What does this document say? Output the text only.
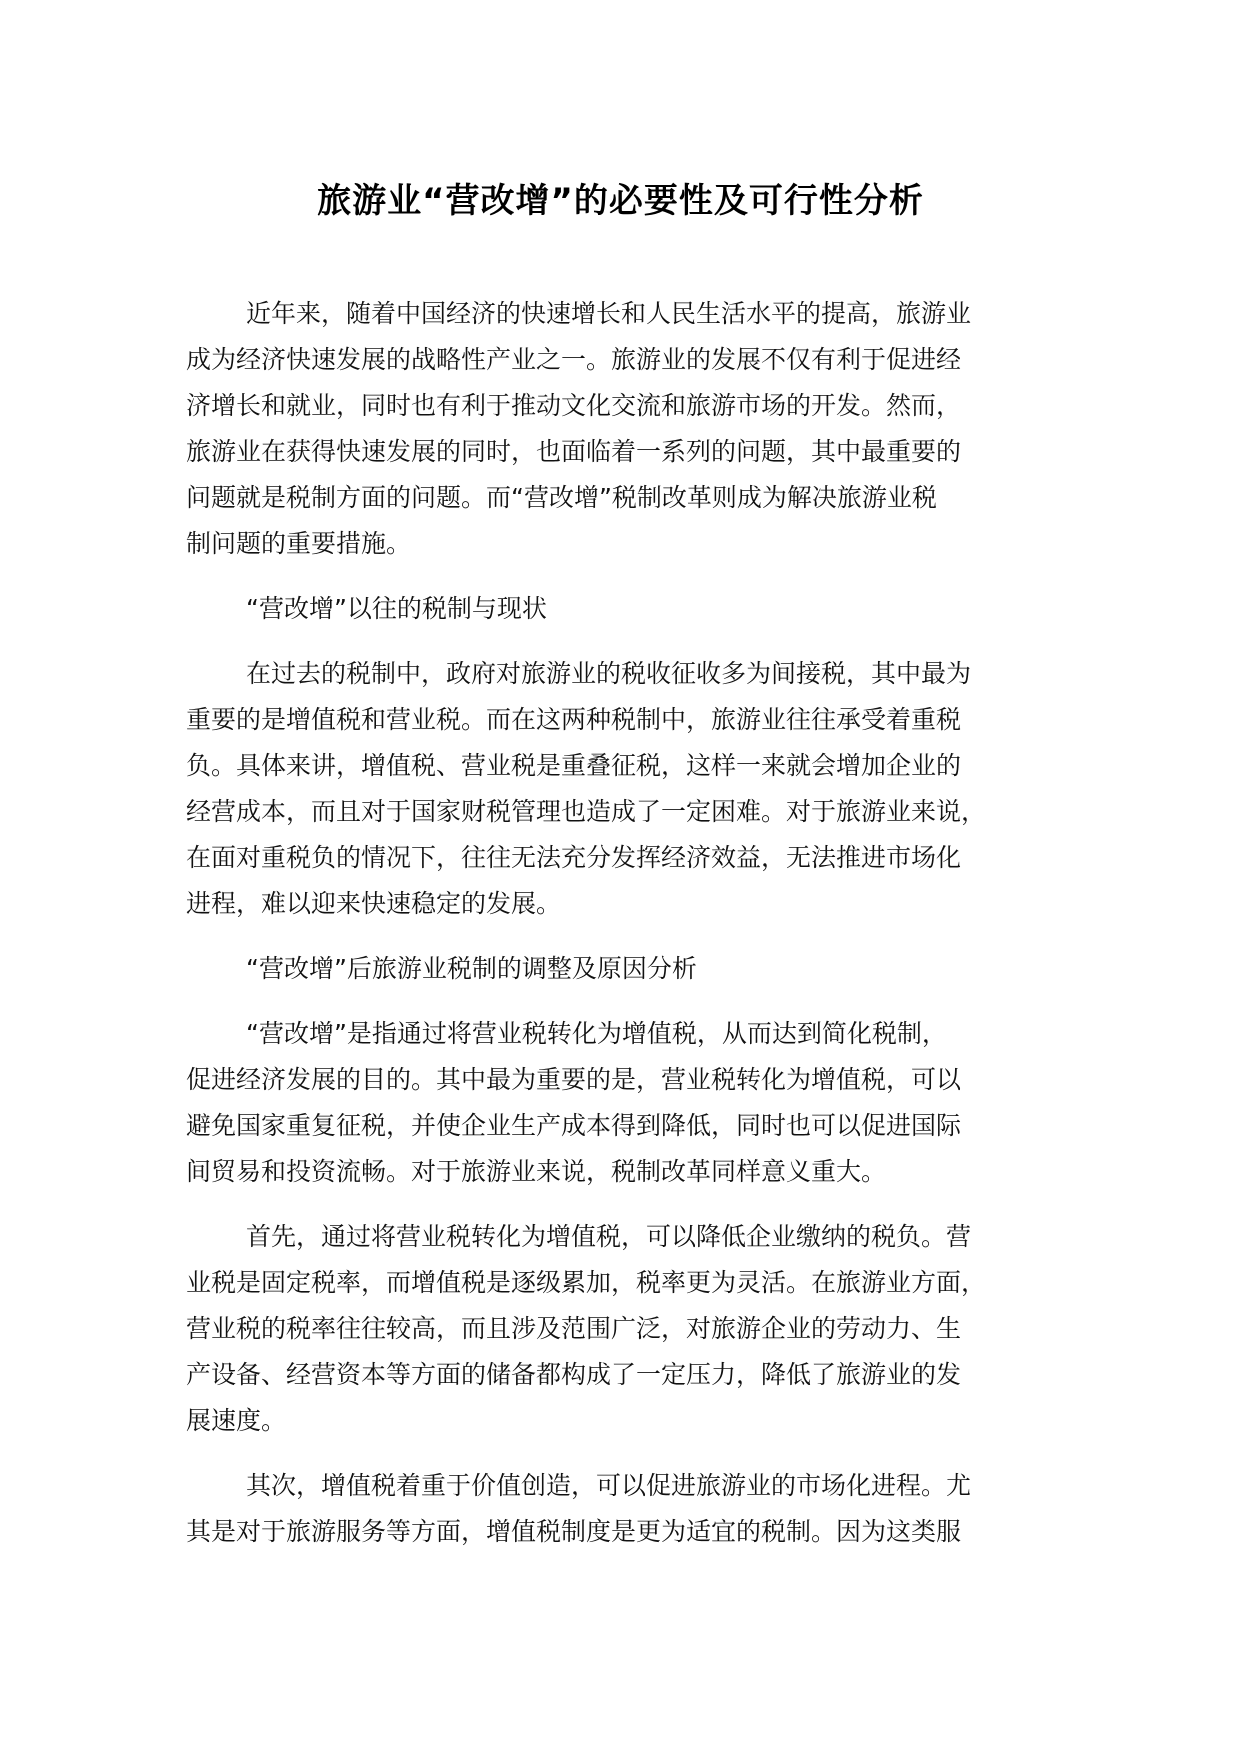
旅游业“营改增”的必要性及可行性分析
近年来，随着中国经济的快速增长和人民生活水平的提高，旅游业
成为经济快速发展的战略性产业之一。旅游业的发展不仅有利于促进经
济增长和就业，同时也有利于推动文化交流和旅游市场的开发。然而，
旅游业在获得快速发展的同时，也面临着一系列的问题，其中最重要的
问题就是税制方面的问题。而“营改增”税制改革则成为解决旅游业税
制问题的重要措施。
“营改增”以往的税制与现状
在过去的税制中，政府对旅游业的税收征收多为间接税，其中最为
重要的是增值税和营业税。而在这两种税制中，旅游业往往承受着重税
负。具体来讲，增值税、营业税是重叠征税，这样一来就会增加企业的
经营成本，而且对于国家财税管理也造成了一定困难。对于旅游业来说，
在面对重税负的情况下，往往无法充分发挥经济效益，无法推进市场化
进程，难以迎来快速稳定的发展。
“营改增”后旅游业税制的调整及原因分析
“营改增”是指通过将营业税转化为增值税，从而达到简化税制，
促进经济发展的目的。其中最为重要的是，营业税转化为增值税，可以
避免国家重复征税，并使企业生产成本得到降低，同时也可以促进国际
间贸易和投资流畅。对于旅游业来说，税制改革同样意义重大。
首先，通过将营业税转化为增值税，可以降低企业缴纳的税负。营
业税是固定税率，而增值税是逐级累加，税率更为灵活。在旅游业方面，
营业税的税率往往较高，而且涉及范围广泛，对旅游企业的劳动力、生
产设备、经营资本等方面的储备都构成了一定压力，降低了旅游业的发
展速度。
其次，增值税着重于价值创造，可以促进旅游业的市场化进程。尤
其是对于旅游服务等方面，增值税制度是更为适宜的税制。因为这类服
